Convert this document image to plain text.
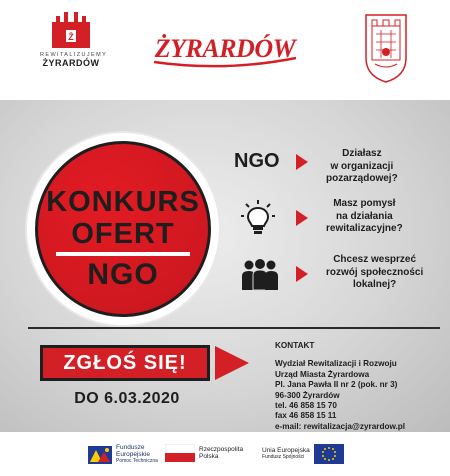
Ż
REWITALIZUJEMY
ŻYRARDÓW ŻYRARDÓW
KONKURS
OFERT
NGO
NGO	Działasz
w organizacji
pozarządowej?
Masz pomysł
na działania
rewitalizacyjne?
Chcesz wesprzeć
rozwój społeczności
lokalnej?
ZGŁOŚ SIĘ!
DO 6.03.2020
KONTAKT
Wydział Rewitalizacji i Rozwoju
Urząd Miasta Żyrardowa
Pl. Jana Pawła II nr 2 (pok. nr 3)
96-300 Żyrardów
tel. 46 858 15 70
fax 46 858 15 11
e-mail: rewitalizacja@zyrardow.pl
Fundusze
Europejskie
Pomoc Techniczna
Rzeczpospolita
Polska
Unia Europejska
Fundusz Spójności
